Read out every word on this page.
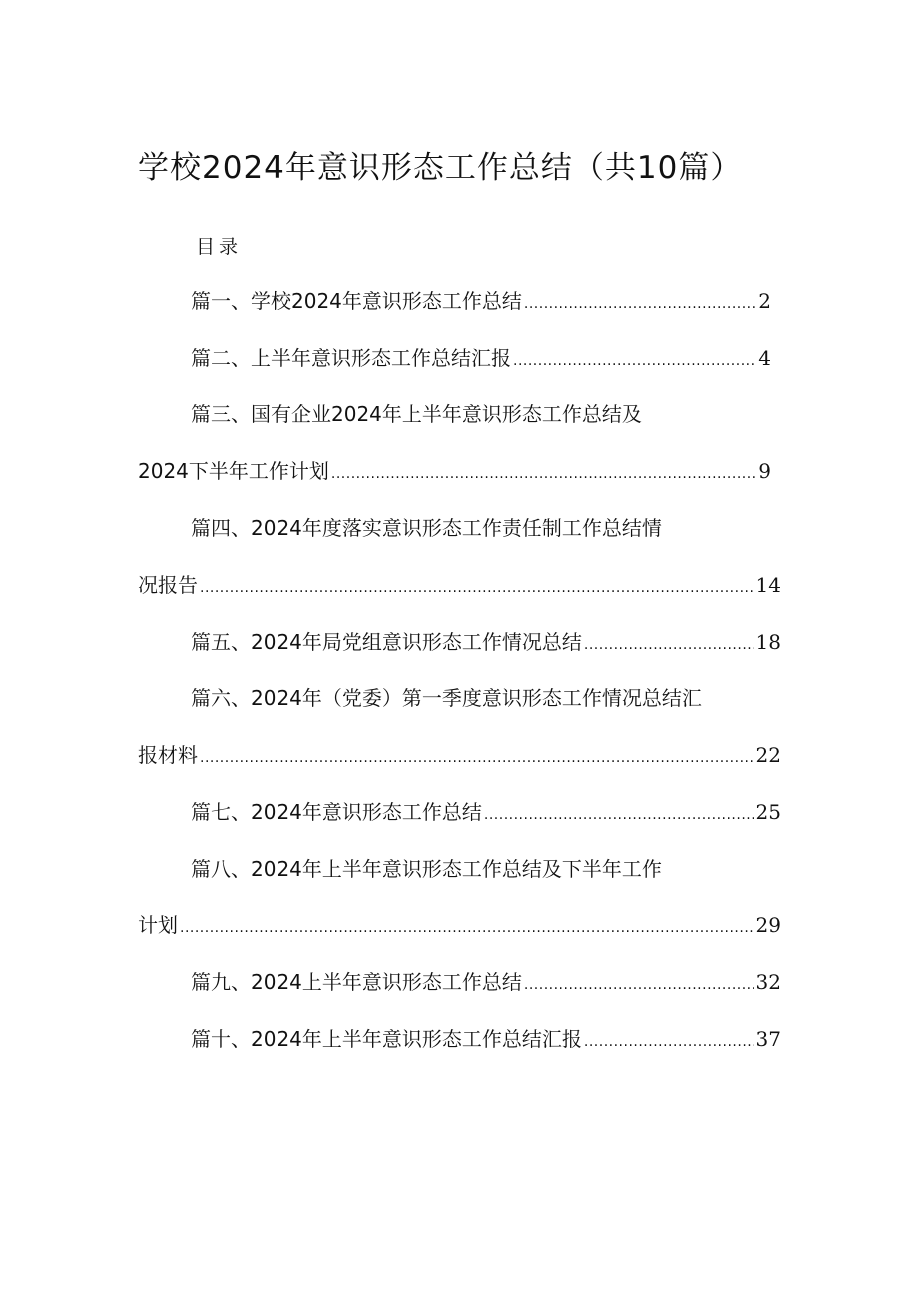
学校2024年意识形态工作总结（共10篇）
目录
篇一、学校2024年意识形态工作总结 .....	2
篇二、上半年意识形态工作总结汇报 .....	4
篇三、国有企业2024年上半年意识形态工作总结及
2024下半年工作计划 .....	9
篇四、2024年度落实意识形态工作责任制工作总结情
况报告 .....	14
篇五、2024年局党组意识形态工作情况总结 .....	18
篇六、2024年（党委）第一季度意识形态工作情况总结汇
报材料 .....	22
篇七、2024年意识形态工作总结 .....	25
篇八、2024年上半年意识形态工作总结及下半年工作
计划 .....	29
篇九、2024上半年意识形态工作总结 .....	32
篇十、2024年上半年意识形态工作总结汇报 .....	37
